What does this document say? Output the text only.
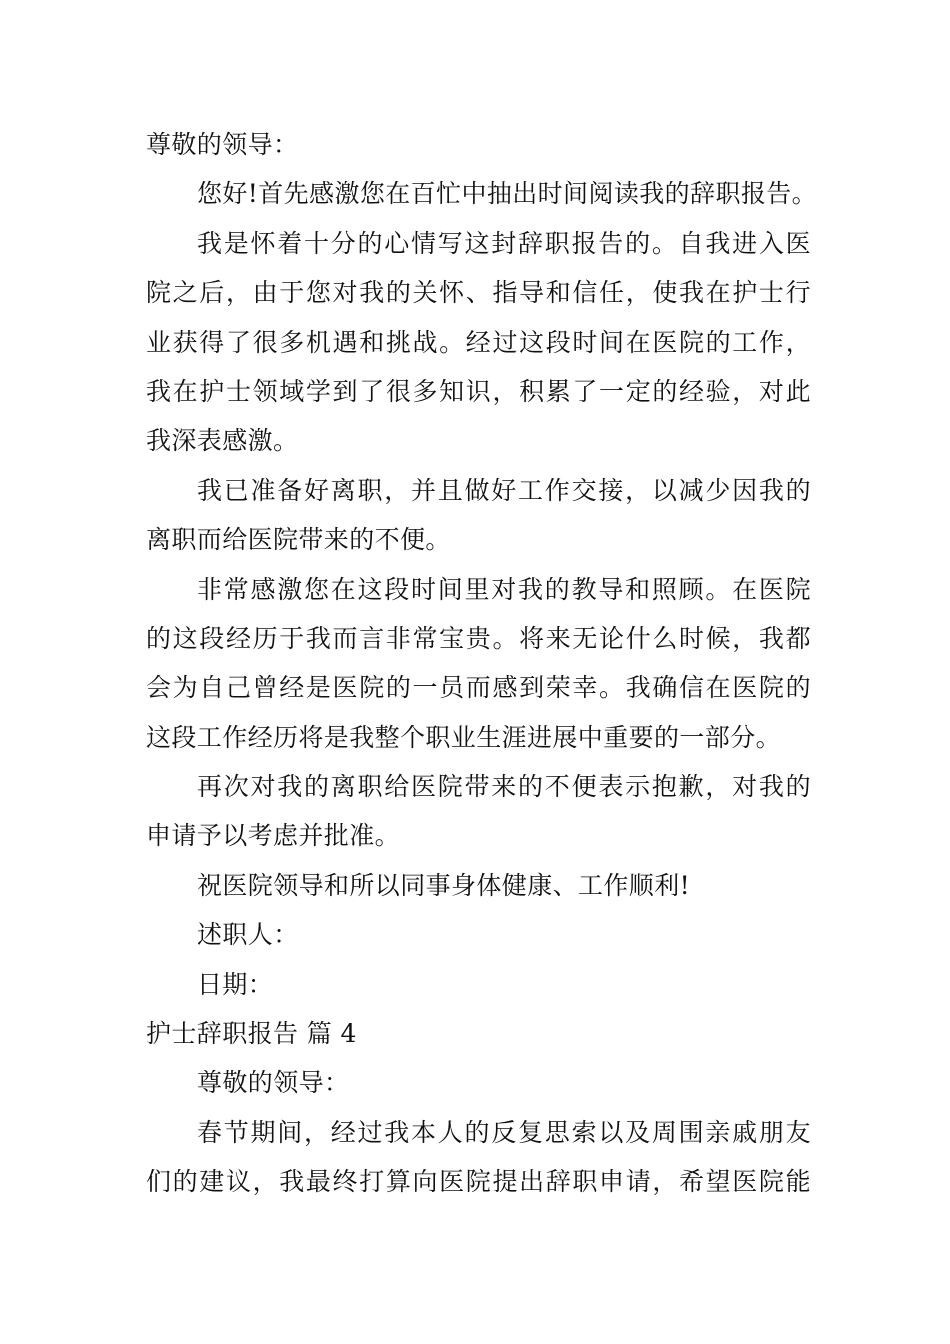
尊敬的领导：
您好!首先感激您在百忙中抽出时间阅读我的辞职报告。
我是怀着十分的心情写这封辞职报告的。自我进入医
院之后，由于您对我的关怀、指导和信任，使我在护士行
业获得了很多机遇和挑战。经过这段时间在医院的工作，
我在护士领域学到了很多知识，积累了一定的经验，对此
我深表感激。
我已准备好离职，并且做好工作交接，以减少因我的
离职而给医院带来的不便。
非常感激您在这段时间里对我的教导和照顾。在医院
的这段经历于我而言非常宝贵。将来无论什么时候，我都
会为自己曾经是医院的一员而感到荣幸。我确信在医院的
这段工作经历将是我整个职业生涯进展中重要的一部分。
再次对我的离职给医院带来的不便表示抱歉，对我的
申请予以考虑并批准。
祝医院领导和所以同事身体健康、工作顺利!
述职人：
日期：
护士辞职报告 篇 4
尊敬的领导：
春节期间，经过我本人的反复思索以及周围亲戚朋友
们的建议，我最终打算向医院提出辞职申请，希望医院能
